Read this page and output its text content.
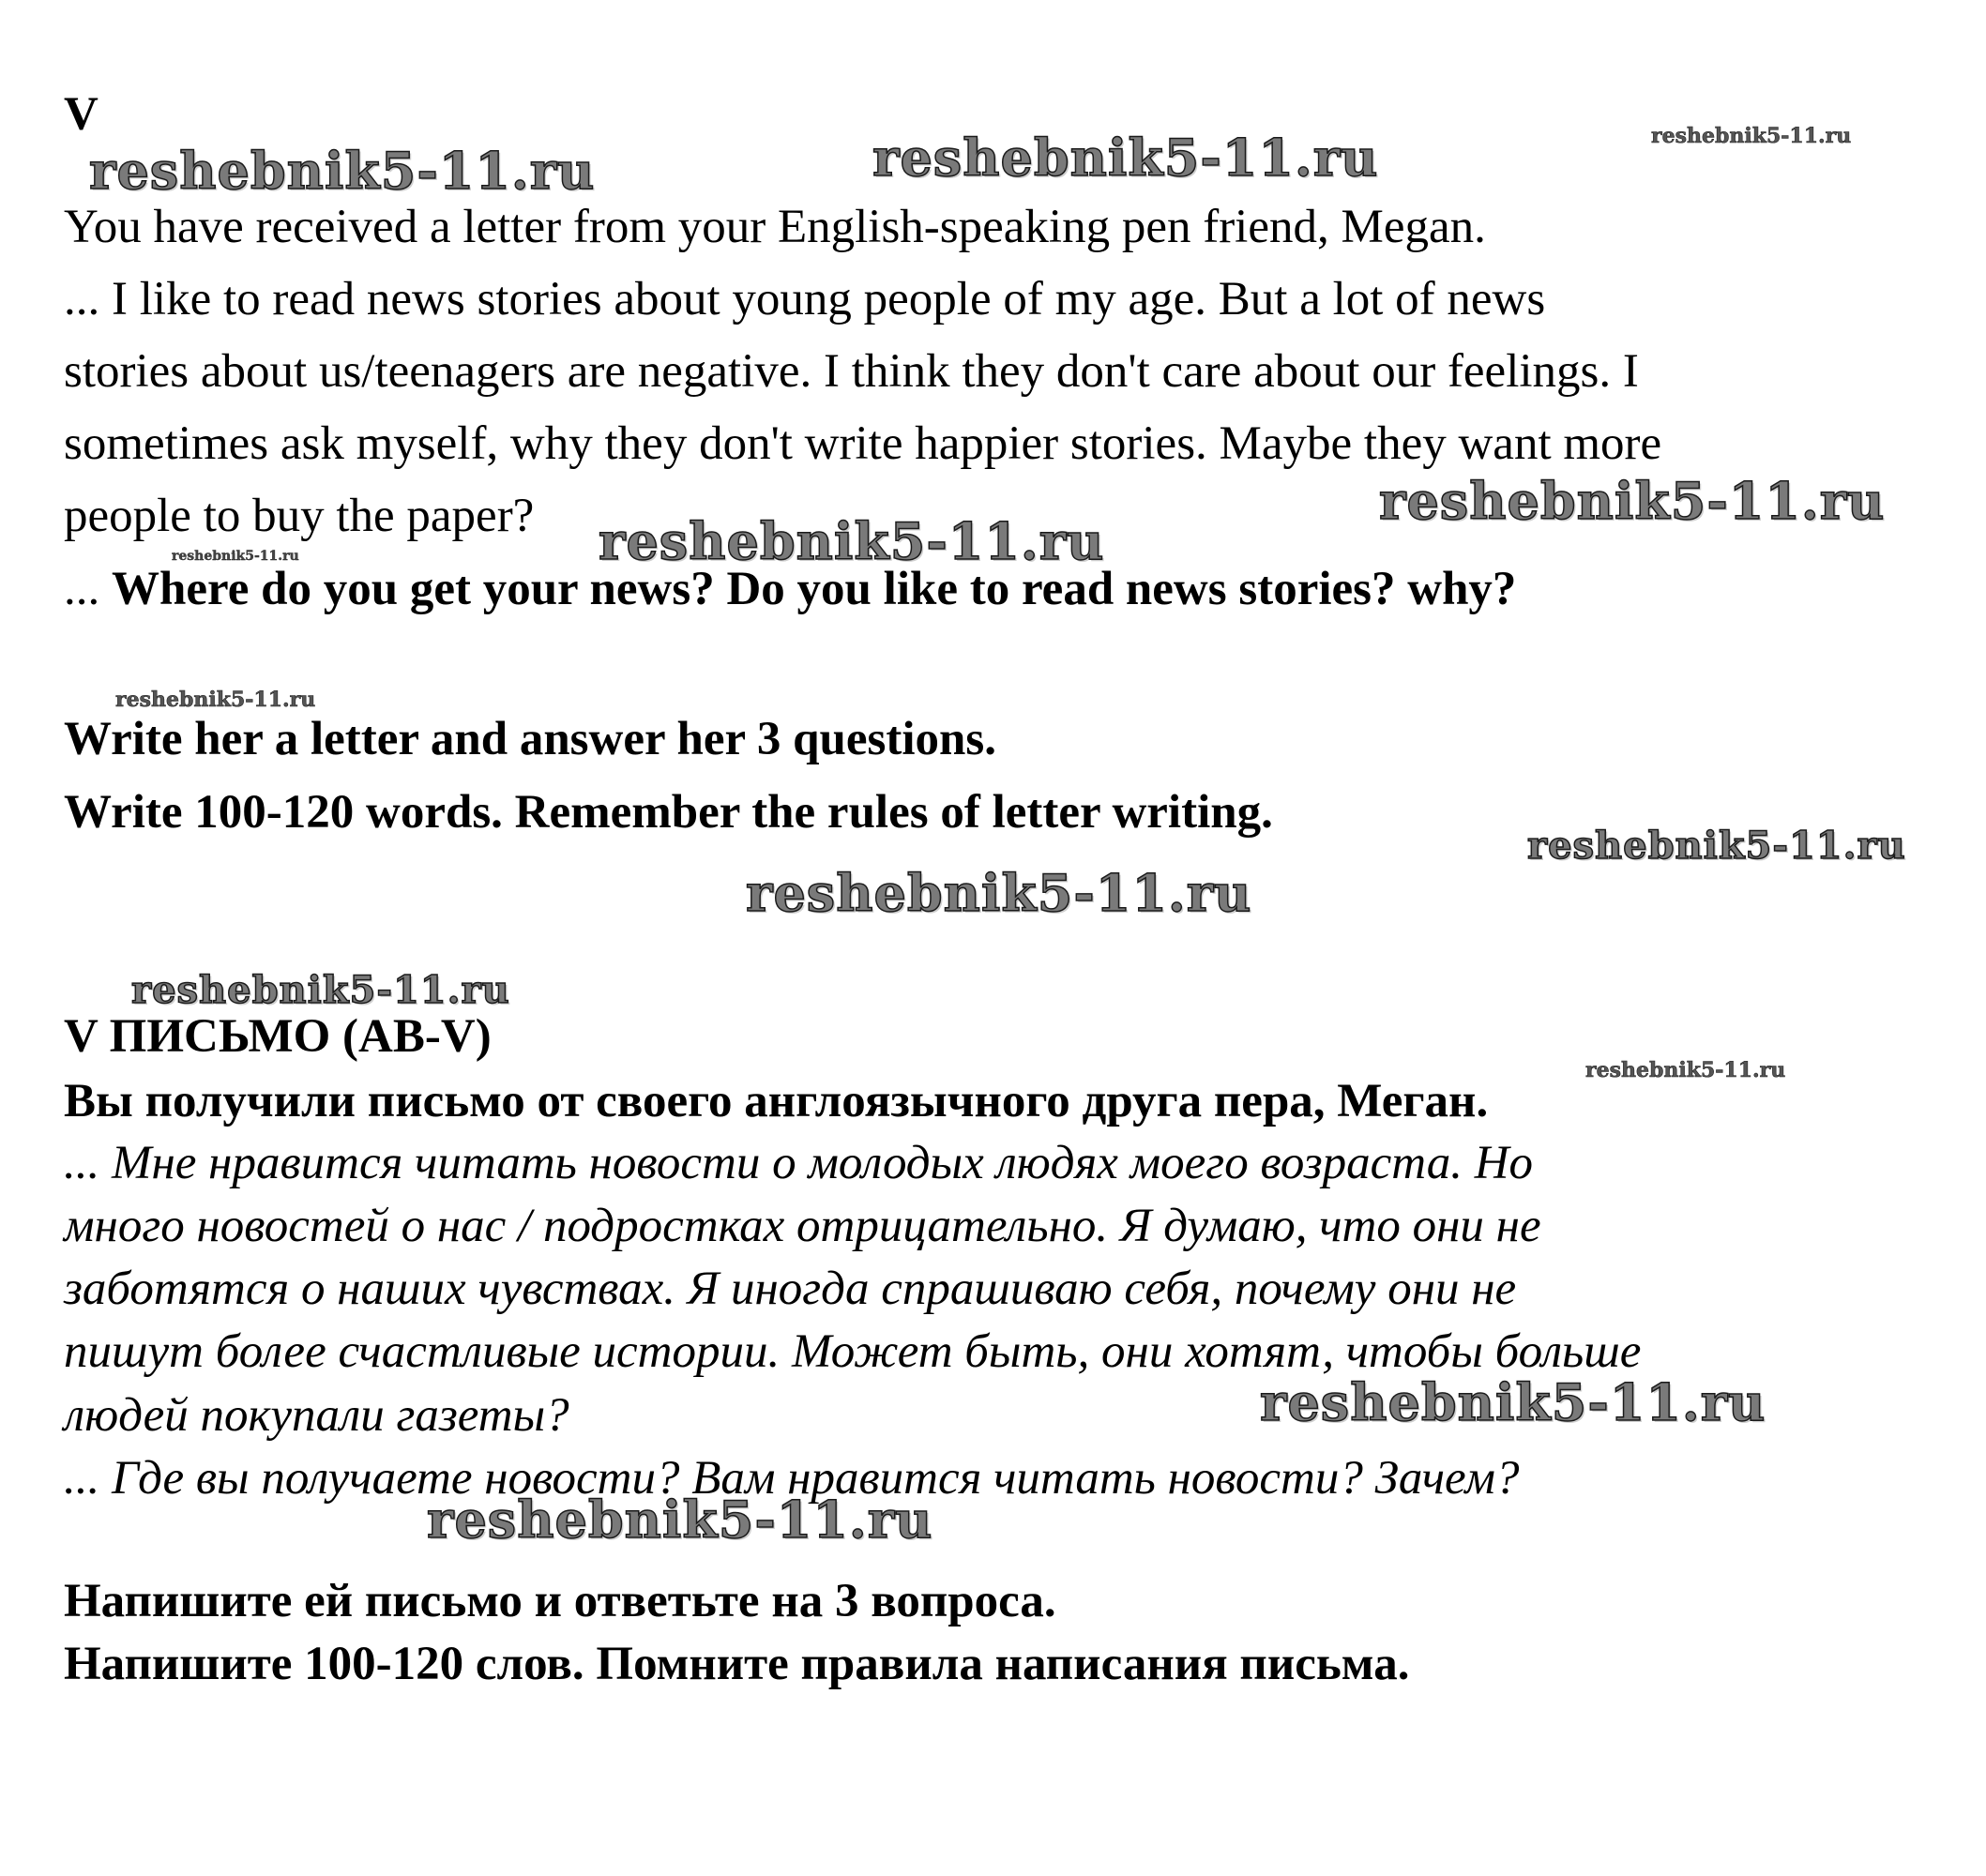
V
You have received a letter from your English-speaking pen friend, Megan.
... I like to read news stories about young people of my age. But a lot of news
stories about us/teenagers are negative. I think they don't care about our feelings. I
sometimes ask myself, why they don't write happier stories. Maybe they want more
people to buy the paper?
... Where do you get your news? Do you like to read news stories? why?
Write her a letter and answer her 3 questions.
Write 100-120 words. Remember the rules of letter writing.
V ПИСЬМО (AB-V)
Вы получили письмо от своего англоязычного друга пера, Меган.
... Мне нравится читать новости о молодых людях моего возраста. Но
много новостей о нас / подростках отрицательно. Я думаю, что они не
заботятся о наших чувствах. Я иногда спрашиваю себя, почему они не
пишут более счастливые истории. Может быть, они хотят, чтобы больше
людей покупали газеты?
... Где вы получаете новости? Вам нравится читать новости? Зачем?
Напишите ей письмо и ответьте на 3 вопроса.
Напишите 100-120 слов. Помните правила написания письма.
reshebnik5-11.ru	reshebnik5-11.ru	reshebnik5-11.ru
reshebnik5-11.ru
reshebnik5-11.ru
reshebnik5-11.ru
reshebnik5-11.ru
reshebnik5-11.ru
reshebnik5-11.ru
reshebnik5-11.ru
reshebnik5-11.ru
reshebnik5-11.ru
reshebnik5-11.ru
